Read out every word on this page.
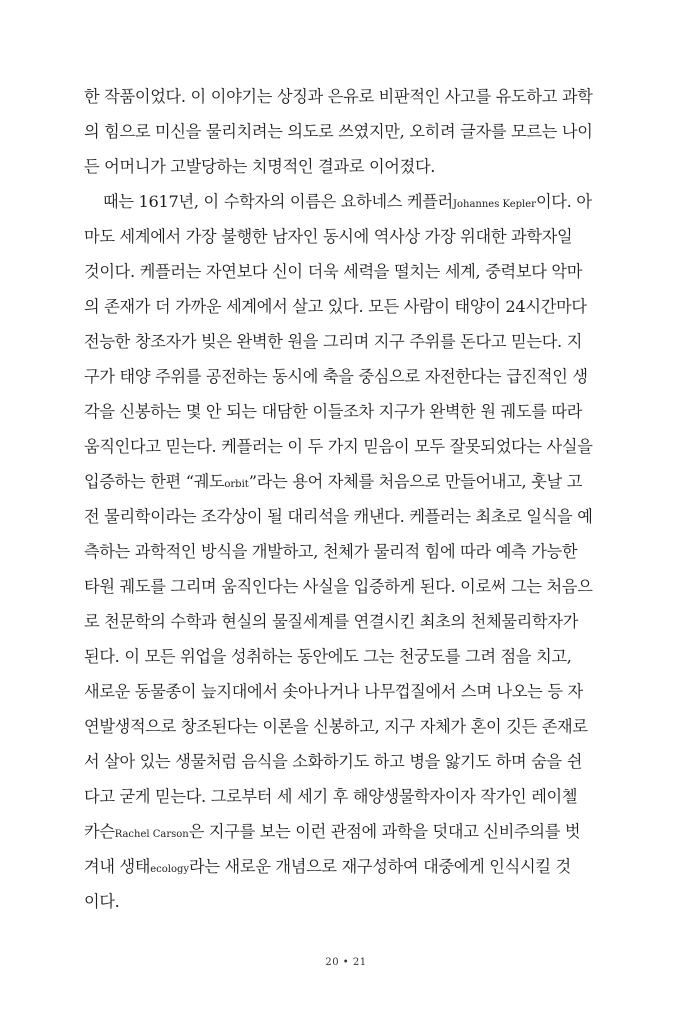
한 작품이었다. 이 이야기는 상징과 은유로 비판적인 사고를 유도하고 과학
의 힘으로 미신을 물리치려는 의도로 쓰였지만, 오히려 글자를 모르는 나이
든 어머니가 고발당하는 치명적인 결과로 이어졌다.
때는 1617년, 이 수학자의 이름은 요하네스 케플러Johannes Kepler이다. 아
마도 세계에서 가장 불행한 남자인 동시에 역사상 가장 위대한 과학자일
것이다. 케플러는 자연보다 신이 더욱 세력을 떨치는 세계, 중력보다 악마
의 존재가 더 가까운 세계에서 살고 있다. 모든 사람이 태양이 24시간마다
전능한 창조자가 빚은 완벽한 원을 그리며 지구 주위를 돈다고 믿는다. 지
구가 태양 주위를 공전하는 동시에 축을 중심으로 자전한다는 급진적인 생
각을 신봉하는 몇 안 되는 대담한 이들조차 지구가 완벽한 원 궤도를 따라
움직인다고 믿는다. 케플러는 이 두 가지 믿음이 모두 잘못되었다는 사실을
입증하는 한편 “궤도orbit”라는 용어 자체를 처음으로 만들어내고, 훗날 고
전 물리학이라는 조각상이 될 대리석을 캐낸다. 케플러는 최초로 일식을 예
측하는 과학적인 방식을 개발하고, 천체가 물리적 힘에 따라 예측 가능한
타원 궤도를 그리며 움직인다는 사실을 입증하게 된다. 이로써 그는 처음으
로 천문학의 수학과 현실의 물질세계를 연결시킨 최초의 천체물리학자가
된다. 이 모든 위업을 성취하는 동안에도 그는 천궁도를 그려 점을 치고,
새로운 동물종이 늪지대에서 솟아나거나 나무껍질에서 스며 나오는 등 자
연발생적으로 창조된다는 이론을 신봉하고, 지구 자체가 혼이 깃든 존재로
서 살아 있는 생물처럼 음식을 소화하기도 하고 병을 앓기도 하며 숨을 쉰
다고 굳게 믿는다. 그로부터 세 세기 후 해양생물학자이자 작가인 레이첼
카슨Rachel Carson은 지구를 보는 이런 관점에 과학을 덧대고 신비주의를 벗
겨내 생태ecology라는 새로운 개념으로 재구성하여 대중에게 인식시킬 것
이다.
20 • 21
